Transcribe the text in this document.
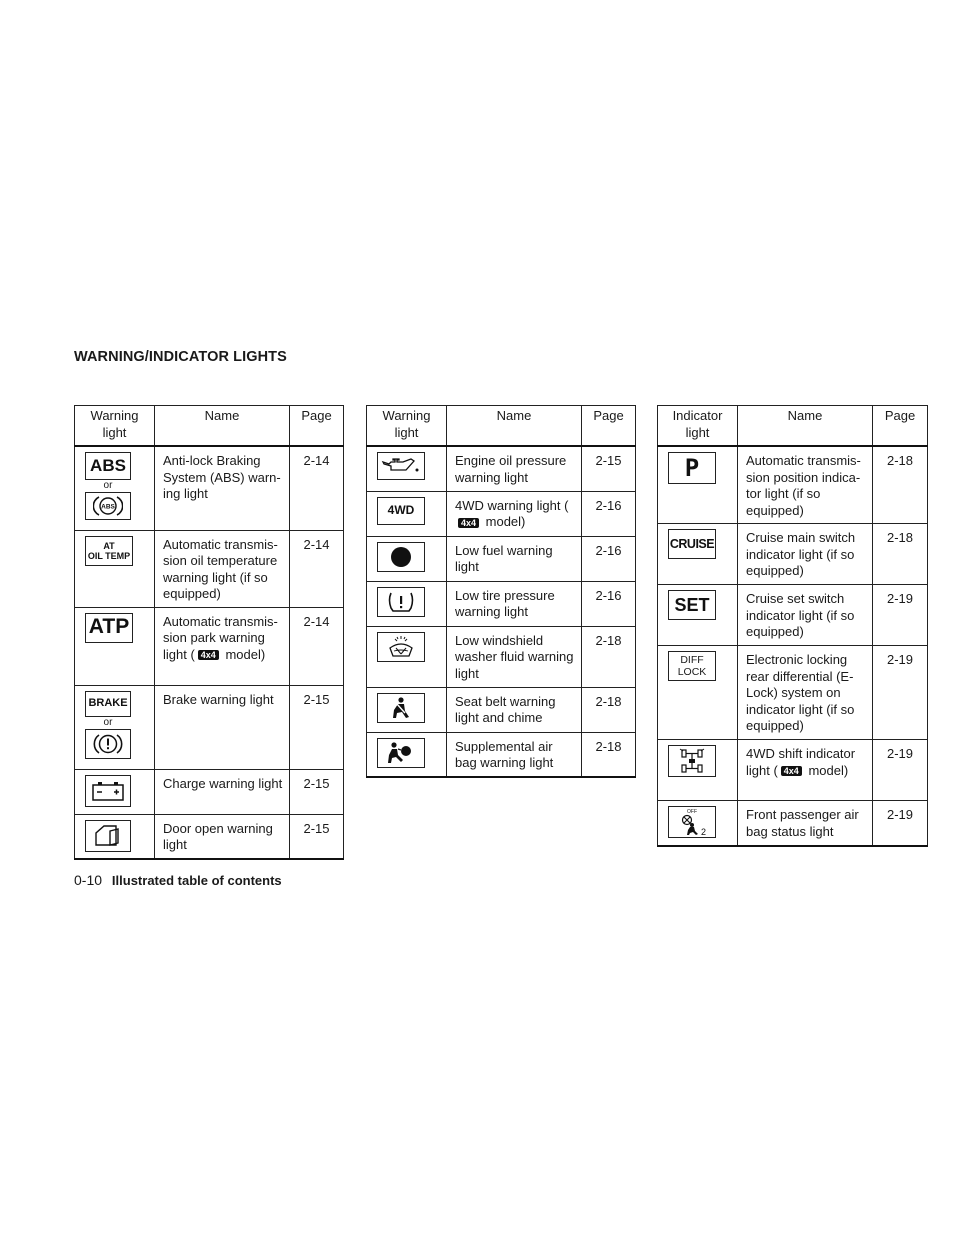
WARNING/INDICATOR LIGHTS
Warning light	Name	Page

ABS
or
ABS	Anti-lock Braking System (ABS) warn-ing light	2-14

AT
OIL TEMP	Automatic transmis-sion oil temperature warning light (if so equipped)	2-14

ATP	Automatic transmis-sion park warning light ( 4x4 model)	2-14

BRAKE
or	Brake warning light	2-15

	Charge warning light	2-15

	Door open warning light	2-15
Warning light	Name	Page

	Engine oil pressure warning light	2-15

4WD	4WD warning light (4x4 model)	2-16

	Low fuel warning light	2-16

	Low tire pressure warning light	2-16

	Low windshield washer fluid warning light	2-18

	Seat belt warning light and chime	2-18

	Supplemental air bag warning light	2-18
Indicator light	Name	Page

P	Automatic transmis-sion position indica-tor light (if so equipped)	2-18

CRUISE	Cruise main switch indicator light (if so equipped)	2-18

SET	Cruise set switch indicator light (if so equipped)	2-19

DIFF
LOCK	Electronic locking rear differential (E-Lock) system on indicator light (if so equipped)	2-19

	4WD shift indicator light ( 4x4 model)	2-19

OFF
2	Front passenger air bag status light	2-19
0-10 Illustrated table of contents
